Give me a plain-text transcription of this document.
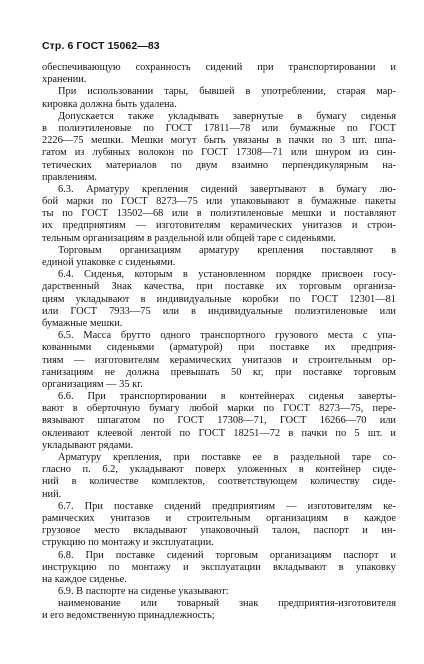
Стр. 6 ГОСТ 15062—83
обеспечивающую сохранность сидений при транспортировании и
хранении.
При использовании тары, бывшей в употреблении, старая мар-
кировка должна быть удалена.
Допускается также укладывать завернутые в бумагу сиденья
в полиэтиленовые по ГОСТ 17811—78 или бумажные по ГОСТ
2226—75 мешки. Мешки могут быть увязаны в пачки по 3 шт. шпа-
гатом из лубяных волокон по ГОСТ 17308—71 или шнуром из син-
тетических материалов по двум взаимно перпендикулярным на-
правлениям.
6.3. Арматуру крепления сидений завертывают в бумагу лю-
бой марки по ГОСТ 8273—75 или упаковывают в бумажные пакеты
ты по ГОСТ 13502—68 или в полиэтиленовые мешки и поставляют
их предприятиям — изготовителям керамических унитазов и строи-
тельным организациям в раздельной или общей таре с сиденьями.
Торговым организациям арматуру крепления поставляют в
единой упаковке с сиденьями.
6.4. Сиденья, которым в установленном порядке присвоен госу-
дарственный Знак качества, при поставке их торговым организа-
циям укладывают в индивидуальные коробки по ГОСТ 12301—81
или ГОСТ 7933—75 или в индивидуальные полиэтиленовые или
бумажные мешки.
6.5. Масса брутто одного транспортного грузового места с упа-
кованными сиденьями (арматурой) при поставке их предприя-
тиям — изготовителям керамических унитазов и строительным ор-
ганизациям не должна превышать 50 кг, при поставке торговым
организациям — 35 кг.
6.6. При транспортировании в контейнерах сиденья заверты-
вают в оберточную бумагу любой марки по ГОСТ 8273—75, пере-
вязывают шпагатом по ГОСТ 17308—71, ГОСТ 16266—70 или
оклеивают клеевой лентой по ГОСТ 18251—72 в пачки по 5 шт. и
укладывают рядами.
Арматуру крепления, при поставке ее в раздельной таре со-
гласно п. 6.2, укладывают поверх уложенных в контейнер сиде-
ний в количестве комплектов, соответствующем количеству сиде-
ний.
6.7. При поставке сидений предприятиям — изготовителям ке-
рамических унитазов и строительным организациям в каждое
грузовое место вкладывают упаковочный талон, паспорт и ин-
струкцию по монтажу и эксплуатации.
6.8. При поставке сидений торговым организациям паспорт и
инструкцию по монтажу и эксплуатации вкладывают в упаковку
на каждое сиденье.
6.9. В паспорте на сиденье указывают:
наименование или товарный знак предприятия-изготовителя
и его ведомственную принадлежность;
